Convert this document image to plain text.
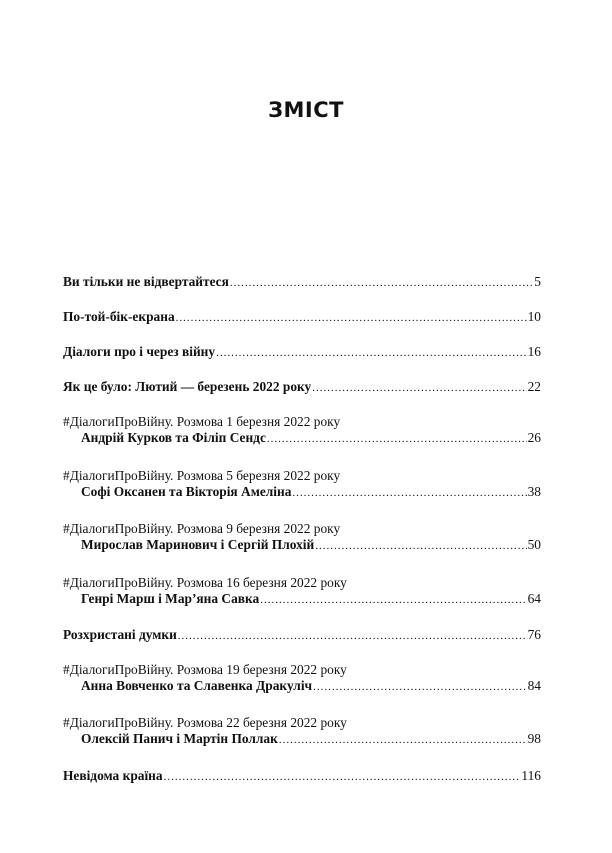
ЗМІСТ
Ви тільки не відвертайтеся .....	5
По-той-бік-екрана .....	10
Діалоги про і через війну .....	16
Як це було: Лютий — березень 2022 року .....	22
#ДіалогиПроВійну. Розмова 1 березня 2022 року
Андрій Курков та Філіп Сендс .....	26
#ДіалогиПроВійну. Розмова 5 березня 2022 року
Софі Оксанен та Вікторія Амеліна .....	38
#ДіалогиПроВійну. Розмова 9 березня 2022 року
Мирослав Маринович і Сергій Плохій .....	50
#ДіалогиПроВійну. Розмова 16 березня 2022 року
Генрі Марш і Мар’яна Савка .....	64
Розхристані думки .....	76
#ДіалогиПроВійну. Розмова 19 березня 2022 року
Анна Вовченко та Славенка Дракуліч .....	84
#ДіалогиПроВійну. Розмова 22 березня 2022 року
Олексій Панич і Мартін Поллак .....	98
Невідома країна .....	116
